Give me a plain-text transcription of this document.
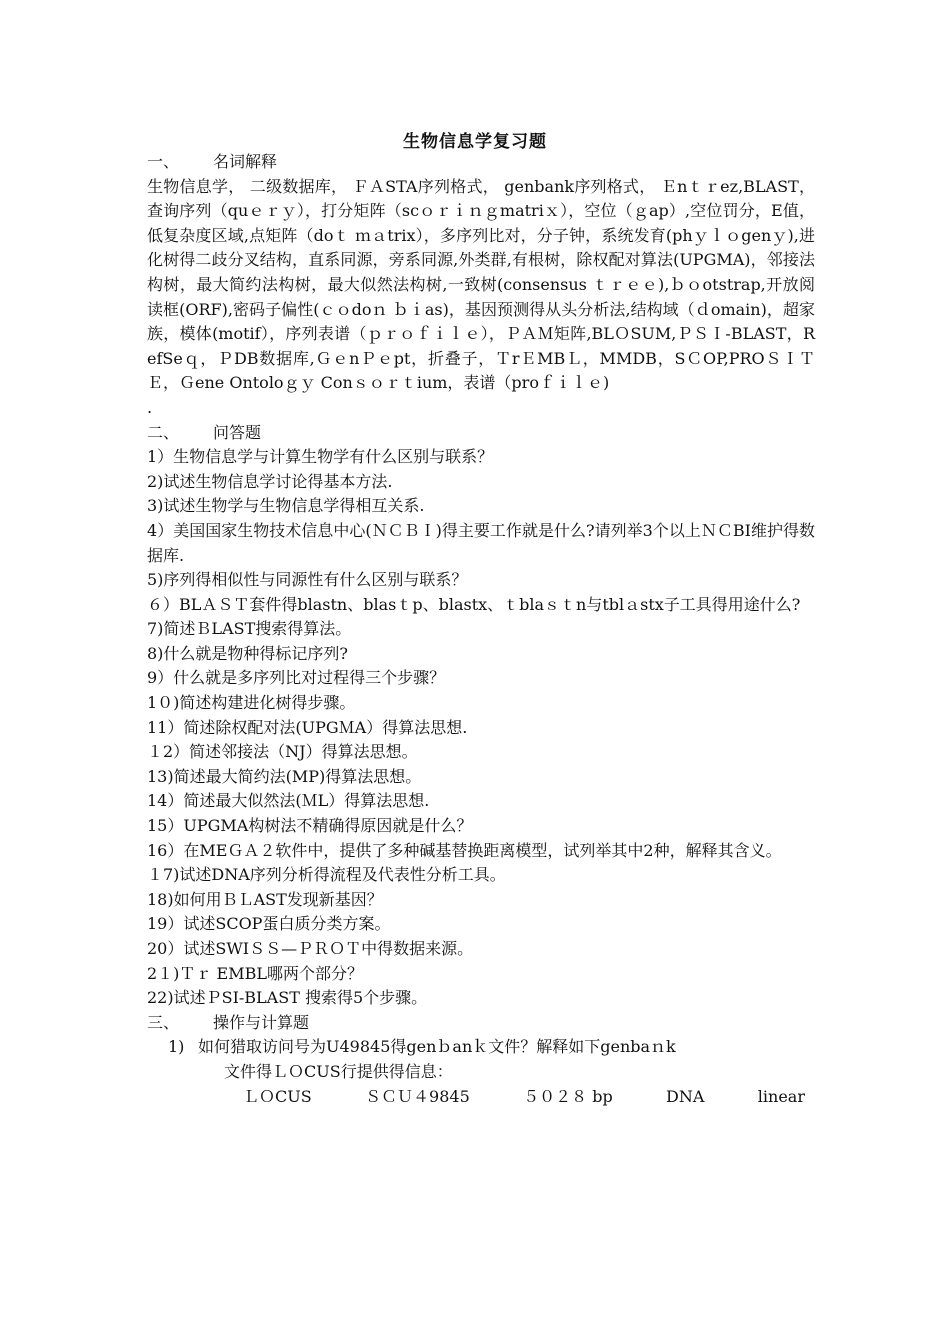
生物信息学复习题
一、 名词解释
生物信息学， 二级数据库， ＦＡSTA序列格式， genbank序列格式， Ｅnｔｒez,BLAST，查询序列（quｅｒｙ），打分矩阵（scｏｒｉｎｇmatriｘ），空位（ｇap）,空位罚分，E值， 低复杂度区域,点矩阵（doｔ ｍａtrix），多序列比对，分子钟，系统发育(phｙｌｏgenｙ),进化树得二歧分叉结构，直系同源，旁系同源,外类群,有根树，除权配对算法(UPGMA)，邻接法构树，最大简约法构树，最大似然法构树,一致树(consensus ｔｒｅｅ),ｂｏotstrap,开放阅读框(ORF),密码子偏性(ｃｏdoｎ ｂｉas)，基因预测得从头分析法,结构域（ｄomain)，超家族，模体(motif），序列表谱（ｐｒｏｆｉｌｅ），ＰＡＭ矩阵,BLＯSUM,ＰＳＩ-BLAST，RefSeｑ，ＰDB数据库,ＧｅnＰｅpt，折叠子，ＴrＥMBＬ，MMDB，SＣOP,PROＳＩＴＥ，Ｇene Ontoloｇｙ Conｓｏｒｔium，表谱（proｆｉｌｅ)
.
二、 问答题
1）生物信息学与计算生物学有什么区别与联系？
2)试述生物信息学讨论得基本方法.
3)试述生物学与生物信息学得相互关系.
4）美国国家生物技术信息中心(ＮＣＢＩ)得主要工作就是什么?请列举3个以上ＮＣBI维护得数据库.
5)序列得相似性与同源性有什么区别与联系？
６）BLＡＳＴ套件得blastn、blasｔp、blastx、ｔblaｓｔn与tblａstx子工具得用途什么?
7)简述ＢLAST搜索得算法。
8)什么就是物种得标记序列?
9）什么就是多序列比对过程得三个步骤？
1０)简述构建进化树得步骤。
11）简述除权配对法(UPGＭA）得算法思想.
１2）简述邻接法（NJ）得算法思想。
13)简述最大简约法(MP)得算法思想。
14）简述最大似然法(ＭL）得算法思想.
15）UPGMA构树法不精确得原因就是什么？
16）在MEＧＡ２软件中，提供了多种碱基替换距离模型，试列举其中2种，解释其含义。
１7)试述DNA序列分析得流程及代表性分析工具。
18)如何用ＢＬAST发现新基因？
19）试述SCOP蛋白质分类方案。
20）试述SWIＳＳ—ＰＲＯＴ中得数据来源。
2１)Ｔｒ EMBL哪两个部分？
22)试述ＰSI-BLAST 搜索得5个步骤。
三、 操作与计算题
1) 如何猎取访问号为U49845得genｂanｋ文件？解释如下genbaｎk
文件得ＬＯCUS行提供得信息：
ＬＯCUS	ＳＣＵ４9845	５０２８ bp	DNA	linear
